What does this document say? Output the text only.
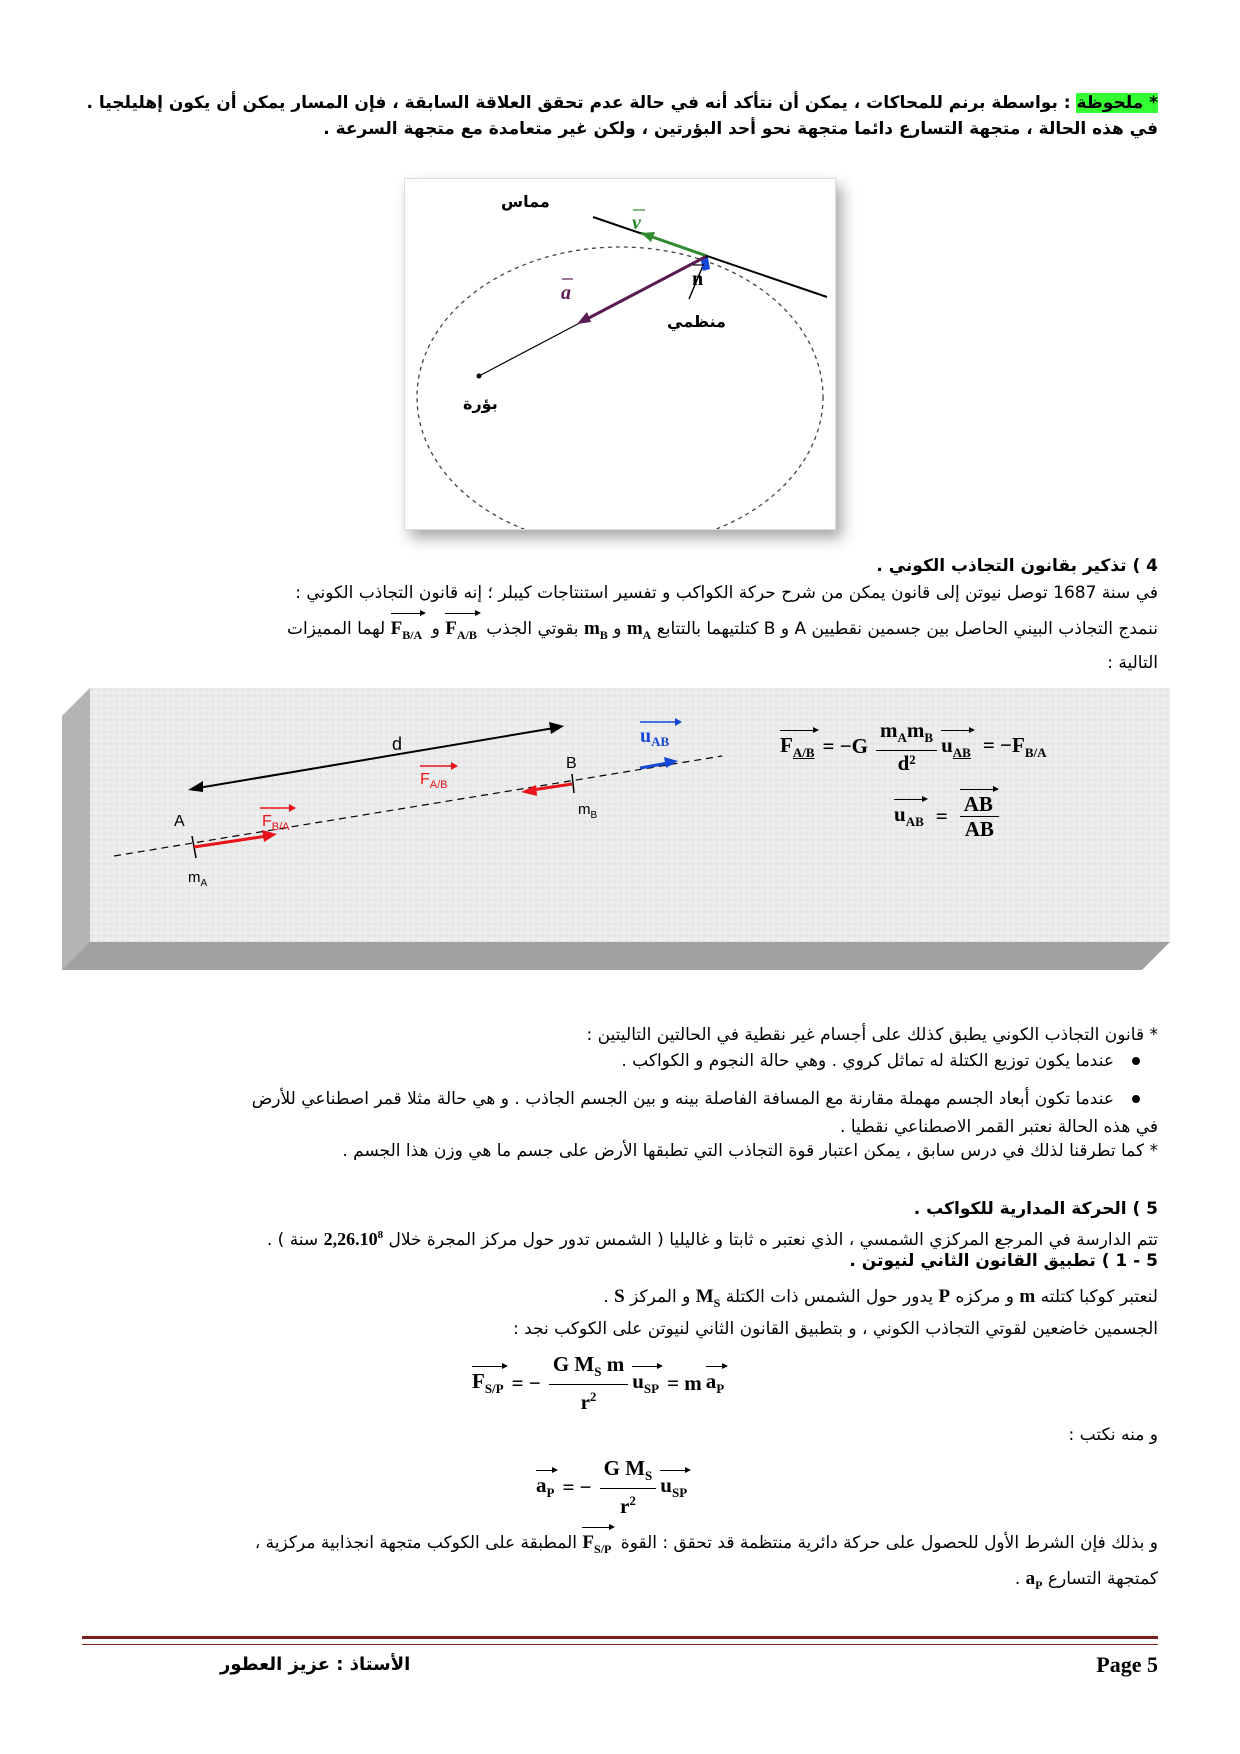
* ملحوظة : بواسطة برنم للمحاكات ، يمكن أن نتأكد أنه في حالة عدم تحقق العلاقة السابقة ، فإن المسار يمكن أن يكون إهليلجيا .
في هذه الحالة ، متجهة التسارع دائما متجهة نحو أحد البؤرتين ، ولكن غير متعامدة مع متجهة السرعة .
مماس
v
n
a
منظمي
بؤرة
4 ) تذكير بقانون التجاذب الكوني .
في سنة 1687 توصل نيوتن إلى قانون يمكن من شرح حركة الكواكب و تفسير استنتاجات كيبلر ؛ إنه قانون التجاذب الكوني :
ننمدج التجاذب البيني الحاصل بين جسمين نقطيين A و B كتلتيهما بالتتابع $m_A$ و $m_B$ بقوتي الجذب $F_{A/B}$ و $F_{B/A}$ لهما المميزات
التالية :
d
A
B
$m_A$
$m_B$
$F_{B/A}$
$F_{A/B}$
$u_{AB}$	$F_{A/B} = -G \frac{m_Am_B}{\text{d²}} u_{AB} = -F_{B/A}$
$u_{AB} = \frac{AB}{AB}$
* قانون التجاذب الكوني يطبق كذلك على أجسام غير نقطية في الحالتين التاليتين :
عندما يكون توزيع الكتلة له تماثل كروي . وهي حالة النجوم و الكواكب .
عندما تكون أبعاد الجسم مهملة مقارنة مع المسافة الفاصلة بينه و بين الجسم الجاذب . و هي حالة مثلا قمر اصطناعي للأرض
في هذه الحالة نعتبر القمر الاصطناعي نقطيا .
* كما تطرقنا لذلك في درس سابق ، يمكن اعتبار قوة التجاذب التي تطبقها الأرض على جسم ما هي وزن هذا الجسم .
5 ) الحركة المدارية للكواكب .
تتم الدارسة في المرجع المركزي الشمسي ، الذي نعتبر ه ثابتا و غاليليا ( الشمس تدور حول مركز المجرة خلال 2,26.10$^8$ سنة ) .
5 - 1 ) تطبيق القانون الثاني لنيوتن .
لنعتبر كوكبا كتلته m و مركزه P يدور حول الشمس ذات الكتلة $M_S$ و المركز S .
الجسمين خاضعين لقوتي التجاذب الكوني ، و بتطبيق القانون الثاني لنيوتن على الكوكب نجد :
$F_{S/P}$ = − $\frac{G M_S m}{r^2} u_{SP} = m$ $a_P$
و منه نكتب :
$a_P$ = − $\frac{G M_S}{r^2} u_{SP}$
و بذلك فإن الشرط الأول للحصول على حركة دائرية منتظمة قد تحقق : القوة $F_{S/P}$ المطبقة على الكوكب متجهة انجذابية مركزية ،
كمتجهة التسارع $a_P$ .
الأستاذ : عزيز العطور	Page 5
